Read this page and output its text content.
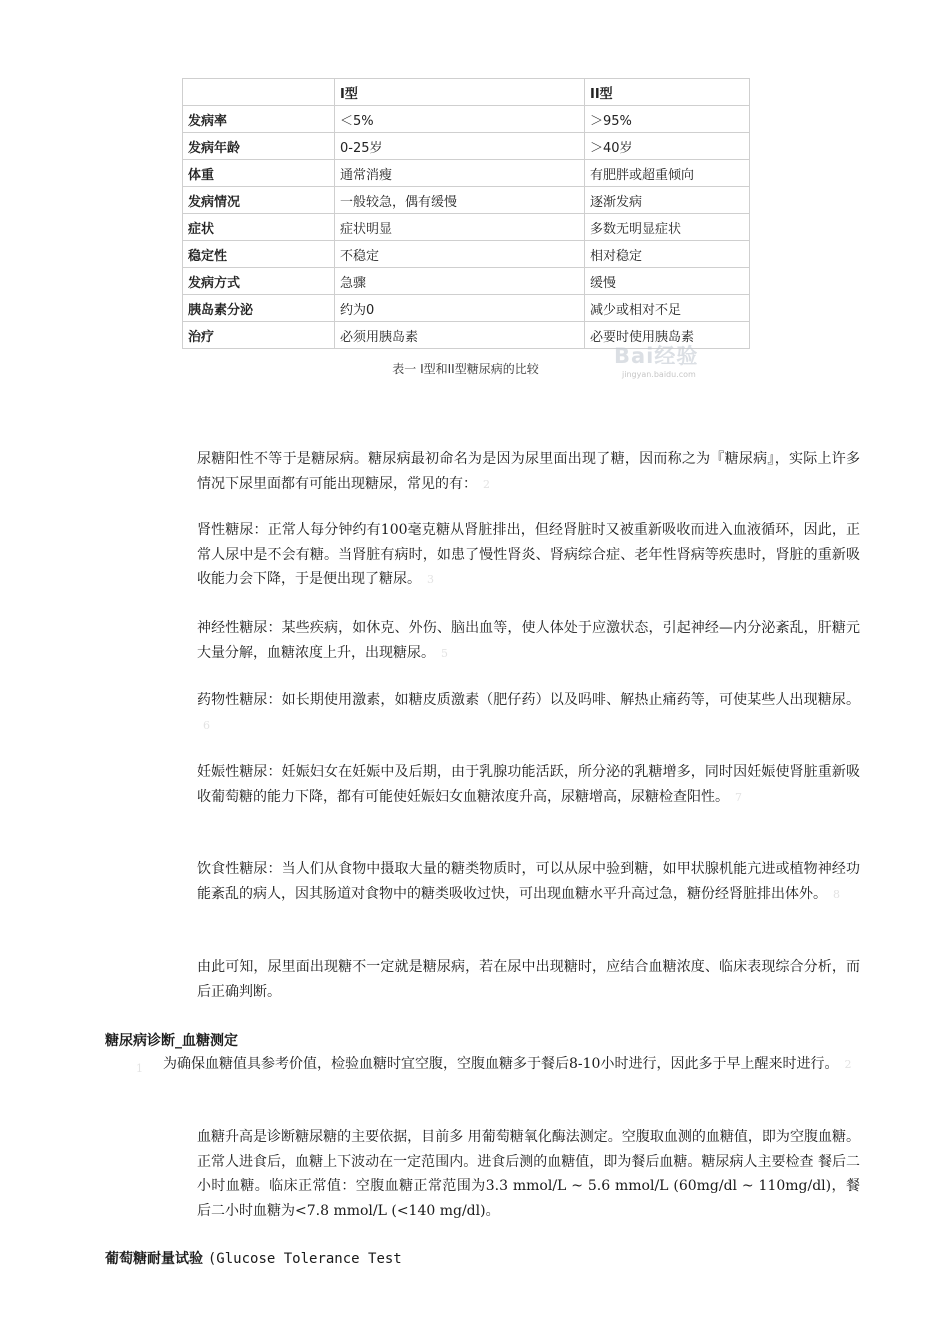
	I型	II型
发病率	＜5%	＞95%
发病年龄	0-25岁	＞40岁
体重	通常消瘦	有肥胖或超重倾向
发病情况	一般较急，偶有缓慢	逐渐发病
症状	症状明显	多数无明显症状
稳定性	不稳定	相对稳定
发病方式	急骤	缓慢
胰岛素分泌	约为0	减少或相对不足
治疗	必须用胰岛素	必要时使用胰岛素
Bai经验
jingyan.baidu.com
表一 I型和II型糖尿病的比较
尿糖阳性不等于是糖尿病。糖尿病最初命名为是因为尿里面出现了糖，因而称之为『糖尿病』，实际上许多情况下尿里面都有可能出现糖尿，常见的有： 2
肾性糖尿：正常人每分钟约有100毫克糖从肾脏排出，但经肾脏时又被重新吸收而进入血液循环，因此，正常人尿中是不会有糖。当肾脏有病时，如患了慢性肾炎、肾病综合症、老年性肾病等疾患时，肾脏的重新吸收能力会下降，于是便出现了糖尿。 3
神经性糖尿：某些疾病，如休克、外伤、脑出血等，使人体处于应激状态，引起神经—内分泌紊乱，肝糖元大量分解，血糖浓度上升，出现糖尿。 5
药物性糖尿：如长期使用激素，如糖皮质激素（肥仔药）以及吗啡、解热止痛药等，可使某些人出现糖尿。6
妊娠性糖尿：妊娠妇女在妊娠中及后期，由于乳腺功能活跃，所分泌的乳糖增多，同时因妊娠使肾脏重新吸收葡萄糖的能力下降，都有可能使妊娠妇女血糖浓度升高，尿糖增高，尿糖检查阳性。 7
饮食性糖尿：当人们从食物中摄取大量的糖类物质时，可以从尿中验到糖，如甲状腺机能亢进或植物神经功能紊乱的病人，因其肠道对食物中的糖类吸收过快，可出现血糖水平升高过急，糖份经肾脏排出体外。 8
由此可知，尿里面出现糖不一定就是糖尿病，若在尿中出现糖时，应结合血糖浓度、临床表现综合分析，而后正确判断。
糖尿病诊断_血糖测定
1 为确保血糖值具参考价值，检验血糖时宜空腹，空腹血糖多于餐后8-10小时进行，因此多于早上醒来时进行。 2
血糖升高是诊断糖尿糖的主要依据，目前多 用葡萄糖氧化酶法测定。空腹取血测的血糖值，即为空腹血糖。正常人进食后，血糖上下波动在一定范围内。进食后测的血糖值，即为餐后血糖。糖尿病人主要检查 餐后二小时血糖。临床正常值：空腹血糖正常范围为3.3 mmol/L ~ 5.6 mmol/L (60mg/dl ~ 110mg/dl)，餐后二小时血糖为<7.8 mmol/L (<140 mg/dl)。
葡萄糖耐量试验 (Glucose Tolerance Test
